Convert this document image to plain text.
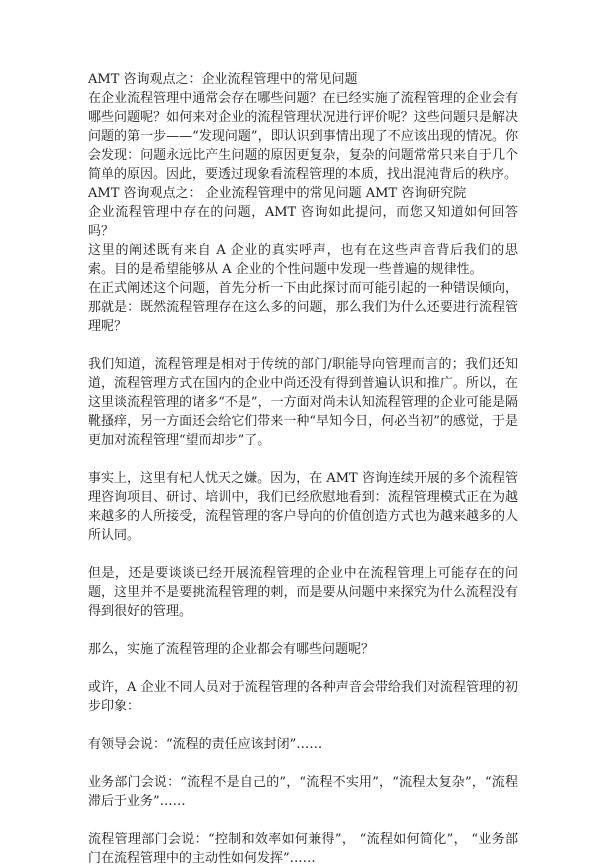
AMT 咨询观点之：企业流程管理中的常见问题

在企业流程管理中通常会存在哪些问题？在已经实施了流程管理的企业会有哪些问题呢？如何来对企业的流程管理状况进行评价呢？这些问题只是解决问题的第一步——“发现问题”，即认识到事情出现了不应该出现的情况。你会发现：问题永远比产生问题的原因更复杂，复杂的问题常常只来自于几个简单的原因。因此，要透过现象看流程管理的本质，找出混沌背后的秩序。

AMT 咨询观点之： 企业流程管理中的常见问题 AMT 咨询研究院

企业流程管理中存在的问题，AMT 咨询如此提问，而您又知道如何回答吗？

这里的阐述既有来自 A 企业的真实呼声，也有在这些声音背后我们的思索。目的是希望能够从 A 企业的个性问题中发现一些普遍的规律性。

在正式阐述这个问题，首先分析一下由此探讨而可能引起的一种错误倾向，那就是：既然流程管理存在这么多的问题，那么我们为什么还要进行流程管理呢？

我们知道，流程管理是相对于传统的部门/职能导向管理而言的；我们还知道，流程管理方式在国内的企业中尚还没有得到普遍认识和推广。所以，在这里谈流程管理的诸多“不是”，一方面对尚未认知流程管理的企业可能是隔靴搔痒，另一方面还会给它们带来一种“早知今日，何必当初”的感觉，于是更加对流程管理“望而却步”了。

事实上，这里有杞人忧天之嫌。因为，在 AMT 咨询连续开展的多个流程管理咨询项目、研讨、培训中，我们已经欣慰地看到：流程管理模式正在为越来越多的人所接受，流程管理的客户导向的价值创造方式也为越来越多的人所认同。

但是，还是要谈谈已经开展流程管理的企业中在流程管理上可能存在的问题，这里并不是要挑流程管理的刺，而是要从问题中来探究为什么流程没有得到很好的管理。

那么，实施了流程管理的企业都会有哪些问题呢？

或许，A 企业不同人员对于流程管理的各种声音会带给我们对流程管理的初步印象：

有领导会说：“流程的责任应该封闭”……

业务部门会说：“流程不是自己的”，“流程不实用”，“流程太复杂”，“流程滞后于业务”……

流程管理部门会说：“控制和效率如何兼得”， “流程如何简化”， “业务部门在流程管理中的主动性如何发挥”……
